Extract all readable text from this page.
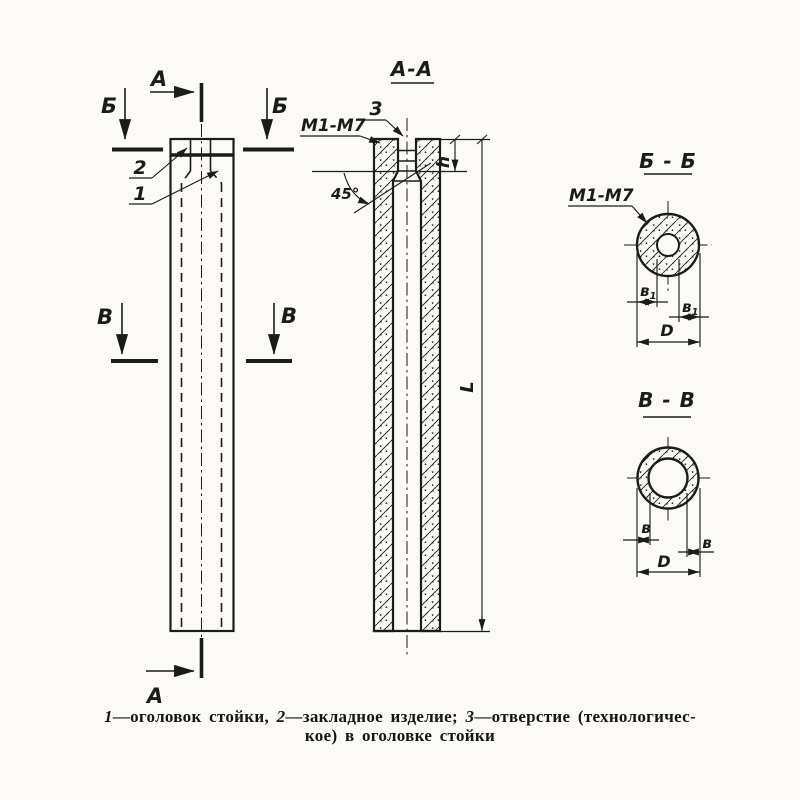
А
А
Б	Б
В	В
2
1
А-А
3
М1-М7
45°
h
L
Б - Б
М1-М7
$в_1$
$в_1$
D
В - В
в
в
D
1—оголовок стойки, 2—закладное изделие; 3—отверстие (технологичес-
кое) в оголовке стойки
